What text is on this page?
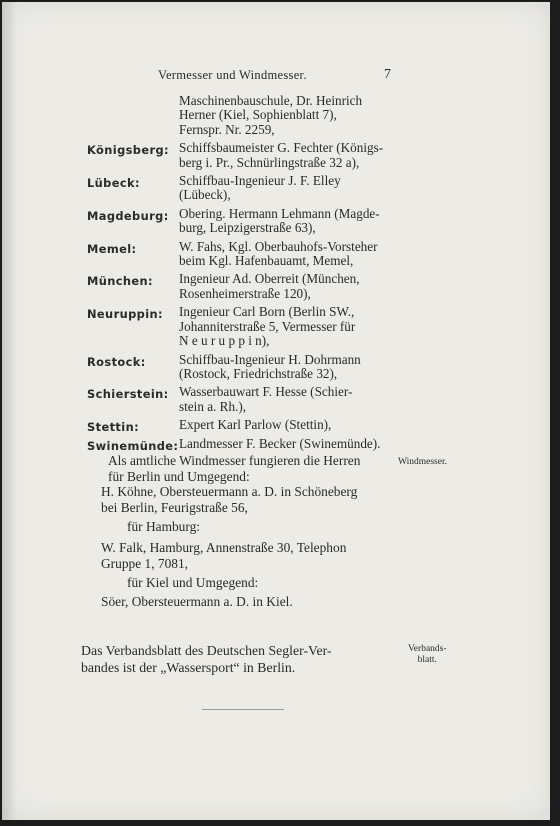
Vermesser und Windmesser.	7
Maschinenbauschule, Dr. Heinrich
Herner (Kiel, Sophienblatt 7),
Fernspr. Nr. 2259,
Königsberg: Schiffsbaumeister G. Fechter (Königs-
berg i. Pr., Schnürlingstraße 32 a),
Lübeck:	Schiffbau-Ingenieur J. F. Elley
(Lübeck),
Magdeburg: Obering. Hermann Lehmann (Magde-
burg, Leipzigerstraße 63),
Memel:	W. Fahs, Kgl. Oberbauhofs-Vorsteher
beim Kgl. Hafenbauamt, Memel,
München:	Ingenieur Ad. Oberreit (München,
Rosenheimerstraße 120),
Neuruppin:	Ingenieur Carl Born (Berlin SW.,
Johanniterstraße 5, Vermesser für
N e u r u p p i n),
Rostock:	Schiffbau-Ingenieur H. Dohrmann
(Rostock, Friedrichstraße 32),
Schierstein: Wasserbauwart F. Hesse (Schier-
stein a. Rh.),
Stettin:	Expert Karl Parlow (Stettin),
Swinemünde: Landmesser F. Becker (Swinemünde).
Als amtliche Windmesser fungieren die Herren
für Berlin und Umgegend:
Windmesser.
H. Köhne, Obersteuermann a. D. in Schöneberg
bei Berlin, Feurigstraße 56,
für Hamburg:
W. Falk, Hamburg, Annenstraße 30, Telephon
Gruppe 1, 7081,
für Kiel und Umgegend:
Söer, Obersteuermann a. D. in Kiel.
Das Verbandsblatt des Deutschen Segler-Ver-
bandes ist der „Wassersport“ in Berlin.
Verbands-
blatt.
